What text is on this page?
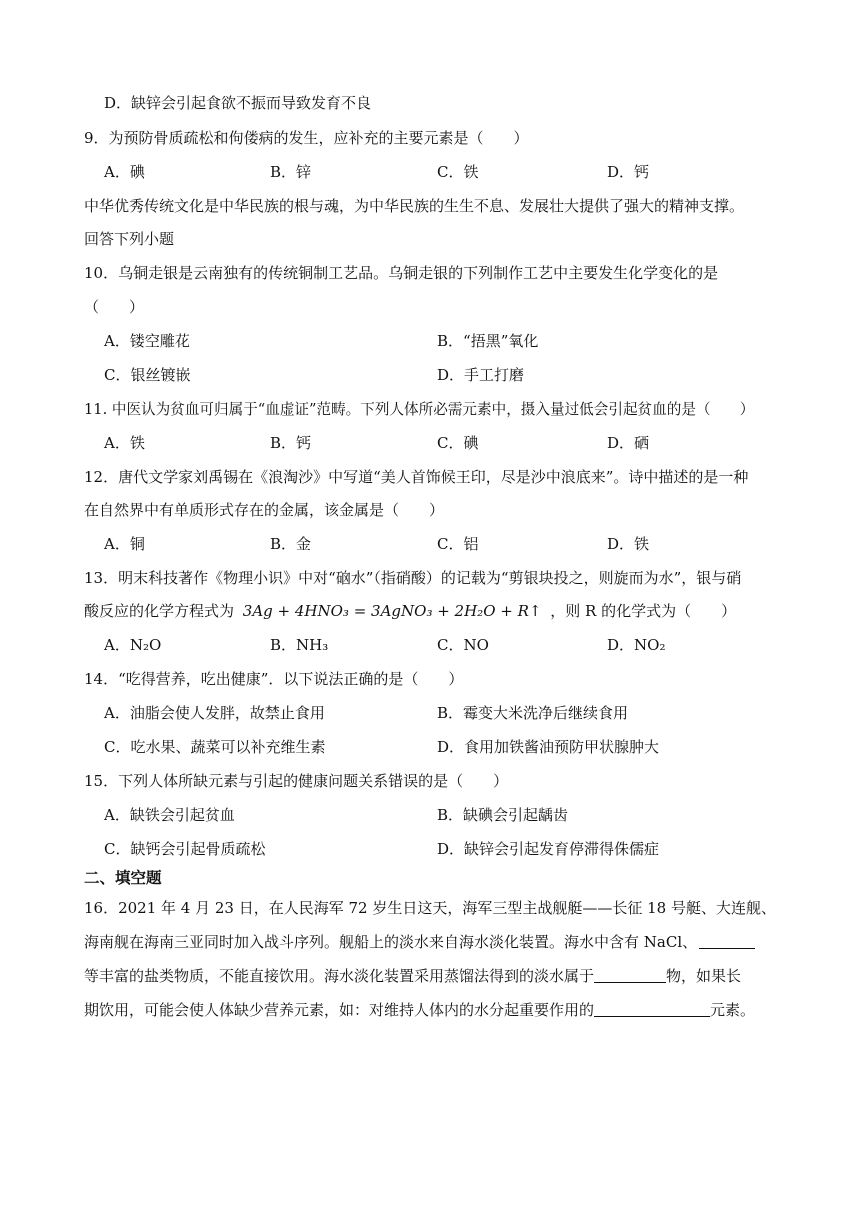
D．缺锌会引起食欲不振而导致发育不良
9．为预防骨质疏松和佝偻病的发生，应补充的主要元素是（　　）
A．碘	B．锌	C．铁	D．钙
中华优秀传统文化是中华民族的根与魂，为中华民族的生生不息、发展壮大提供了强大的精神支撑。
回答下列小题
10．乌铜走银是云南独有的传统铜制工艺品。乌铜走银的下列制作工艺中主要发生化学变化的是
（　　）
A．镂空雕花	B．“捂黑”氧化
C．银丝镀嵌	D．手工打磨
11. 中医认为贫血可归属于“血虚证”范畴。下列人体所必需元素中，摄入量过低会引起贫血的是（　　）
A．铁	B．钙	C．碘	D．硒
12．唐代文学家刘禹锡在《浪淘沙》中写道“美人首饰候王印，尽是沙中浪底来”。诗中描述的是一种
在自然界中有单质形式存在的金属，该金属是（　　）
A．铜	B．金	C．铝	D．铁
13．明末科技著作《物理小识》中对“硇水”（指硝酸）的记载为“剪银块投之，则旋而为水”，银与硝
酸反应的化学方程式为 3Ag + 4HNO₃ = 3AgNO₃ + 2H₂O + R↑ ，则 R 的化学式为（　　）
A．N₂O	B．NH₃	C．NO	D．NO₂
14．“吃得营养，吃出健康”．以下说法正确的是（　　）
A．油脂会使人发胖，故禁止食用	B．霉变大米洗净后继续食用
C．吃水果、蔬菜可以补充维生素	D．食用加铁酱油预防甲状腺肿大
15．下列人体所缺元素与引起的健康问题关系错误的是（　　）
A．缺铁会引起贫血	B．缺碘会引起龋齿
C．缺钙会引起骨质疏松	D．缺锌会引起发育停滞得侏儒症
二、填空题
16．2021 年 4 月 23 日，在人民海军 72 岁生日这天，海军三型主战舰艇——长征 18 号艇、大连舰、
海南舰在海南三亚同时加入战斗序列。舰船上的淡水来自海水淡化装置。海水中含有 NaCl、
等丰富的盐类物质，不能直接饮用。海水淡化装置采用蒸馏法得到的淡水属于	物，如果长
期饮用，可能会使人体缺少营养元素，如：对维持人体内的水分起重要作用的	元素。
